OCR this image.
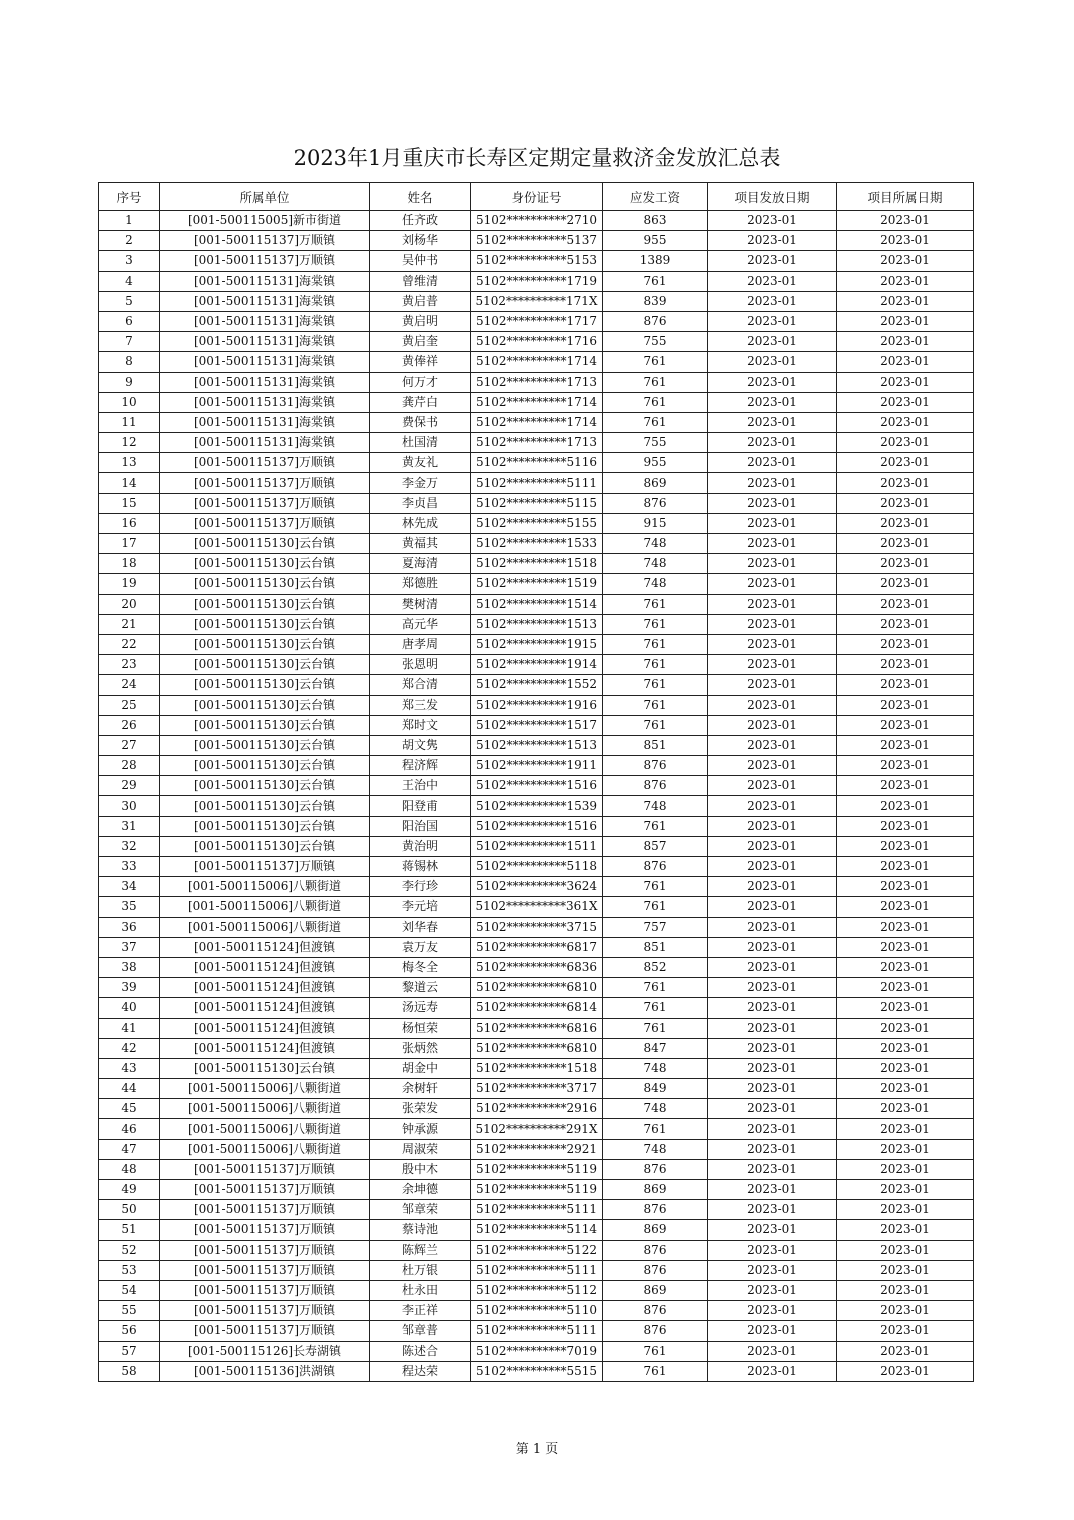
2023年1月重庆市长寿区定期定量救济金发放汇总表
序号	所属单位	姓名	身份证号	应发工资	项目发放日期	项目所属日期
1	[001-500115005]新市街道	任齐政	5102**********2710	863	2023-01	2023-01
2	[001-500115137]万顺镇	刘杨华	5102**********5137	955	2023-01	2023-01
3	[001-500115137]万顺镇	吴仲书	5102**********5153	1389	2023-01	2023-01
4	[001-500115131]海棠镇	曾维清	5102**********1719	761	2023-01	2023-01
5	[001-500115131]海棠镇	黄启普	5102**********171X	839	2023-01	2023-01
6	[001-500115131]海棠镇	黄启明	5102**********1717	876	2023-01	2023-01
7	[001-500115131]海棠镇	黄启奎	5102**********1716	755	2023-01	2023-01
8	[001-500115131]海棠镇	黄俸祥	5102**********1714	761	2023-01	2023-01
9	[001-500115131]海棠镇	何万才	5102**********1713	761	2023-01	2023-01
10	[001-500115131]海棠镇	龚芹白	5102**********1714	761	2023-01	2023-01
11	[001-500115131]海棠镇	费保书	5102**********1714	761	2023-01	2023-01
12	[001-500115131]海棠镇	杜国清	5102**********1713	755	2023-01	2023-01
13	[001-500115137]万顺镇	黄友礼	5102**********5116	955	2023-01	2023-01
14	[001-500115137]万顺镇	李金万	5102**********5111	869	2023-01	2023-01
15	[001-500115137]万顺镇	李贞昌	5102**********5115	876	2023-01	2023-01
16	[001-500115137]万顺镇	林先成	5102**********5155	915	2023-01	2023-01
17	[001-500115130]云台镇	黄福其	5102**********1533	748	2023-01	2023-01
18	[001-500115130]云台镇	夏海清	5102**********1518	748	2023-01	2023-01
19	[001-500115130]云台镇	郑德胜	5102**********1519	748	2023-01	2023-01
20	[001-500115130]云台镇	樊树清	5102**********1514	761	2023-01	2023-01
21	[001-500115130]云台镇	高元华	5102**********1513	761	2023-01	2023-01
22	[001-500115130]云台镇	唐孝周	5102**********1915	761	2023-01	2023-01
23	[001-500115130]云台镇	张恩明	5102**********1914	761	2023-01	2023-01
24	[001-500115130]云台镇	郑合清	5102**********1552	761	2023-01	2023-01
25	[001-500115130]云台镇	郑三发	5102**********1916	761	2023-01	2023-01
26	[001-500115130]云台镇	郑时文	5102**********1517	761	2023-01	2023-01
27	[001-500115130]云台镇	胡文隽	5102**********1513	851	2023-01	2023-01
28	[001-500115130]云台镇	程济辉	5102**********1911	876	2023-01	2023-01
29	[001-500115130]云台镇	王治中	5102**********1516	876	2023-01	2023-01
30	[001-500115130]云台镇	阳登甫	5102**********1539	748	2023-01	2023-01
31	[001-500115130]云台镇	阳治国	5102**********1516	761	2023-01	2023-01
32	[001-500115130]云台镇	黄治明	5102**********1511	857	2023-01	2023-01
33	[001-500115137]万顺镇	蒋锡林	5102**********5118	876	2023-01	2023-01
34	[001-500115006]八颗街道	李行珍	5102**********3624	761	2023-01	2023-01
35	[001-500115006]八颗街道	李元培	5102**********361X	761	2023-01	2023-01
36	[001-500115006]八颗街道	刘华春	5102**********3715	757	2023-01	2023-01
37	[001-500115124]但渡镇	袁万友	5102**********6817	851	2023-01	2023-01
38	[001-500115124]但渡镇	梅冬全	5102**********6836	852	2023-01	2023-01
39	[001-500115124]但渡镇	黎道云	5102**********6810	761	2023-01	2023-01
40	[001-500115124]但渡镇	汤远寿	5102**********6814	761	2023-01	2023-01
41	[001-500115124]但渡镇	杨恒荣	5102**********6816	761	2023-01	2023-01
42	[001-500115124]但渡镇	张炳然	5102**********6810	847	2023-01	2023-01
43	[001-500115130]云台镇	胡金中	5102**********1518	748	2023-01	2023-01
44	[001-500115006]八颗街道	余树轩	5102**********3717	849	2023-01	2023-01
45	[001-500115006]八颗街道	张荣发	5102**********2916	748	2023-01	2023-01
46	[001-500115006]八颗街道	钟承源	5102**********291X	761	2023-01	2023-01
47	[001-500115006]八颗街道	周淑荣	5102**********2921	748	2023-01	2023-01
48	[001-500115137]万顺镇	殷中木	5102**********5119	876	2023-01	2023-01
49	[001-500115137]万顺镇	余坤德	5102**********5119	869	2023-01	2023-01
50	[001-500115137]万顺镇	邹章荣	5102**********5111	876	2023-01	2023-01
51	[001-500115137]万顺镇	蔡诗池	5102**********5114	869	2023-01	2023-01
52	[001-500115137]万顺镇	陈辉兰	5102**********5122	876	2023-01	2023-01
53	[001-500115137]万顺镇	杜万银	5102**********5111	876	2023-01	2023-01
54	[001-500115137]万顺镇	杜永田	5102**********5112	869	2023-01	2023-01
55	[001-500115137]万顺镇	李正祥	5102**********5110	876	2023-01	2023-01
56	[001-500115137]万顺镇	邹章普	5102**********5111	876	2023-01	2023-01
57	[001-500115126]长寿湖镇	陈述合	5102**********7019	761	2023-01	2023-01
58	[001-500115136]洪湖镇	程达荣	5102**********5515	761	2023-01	2023-01
第 1 页
